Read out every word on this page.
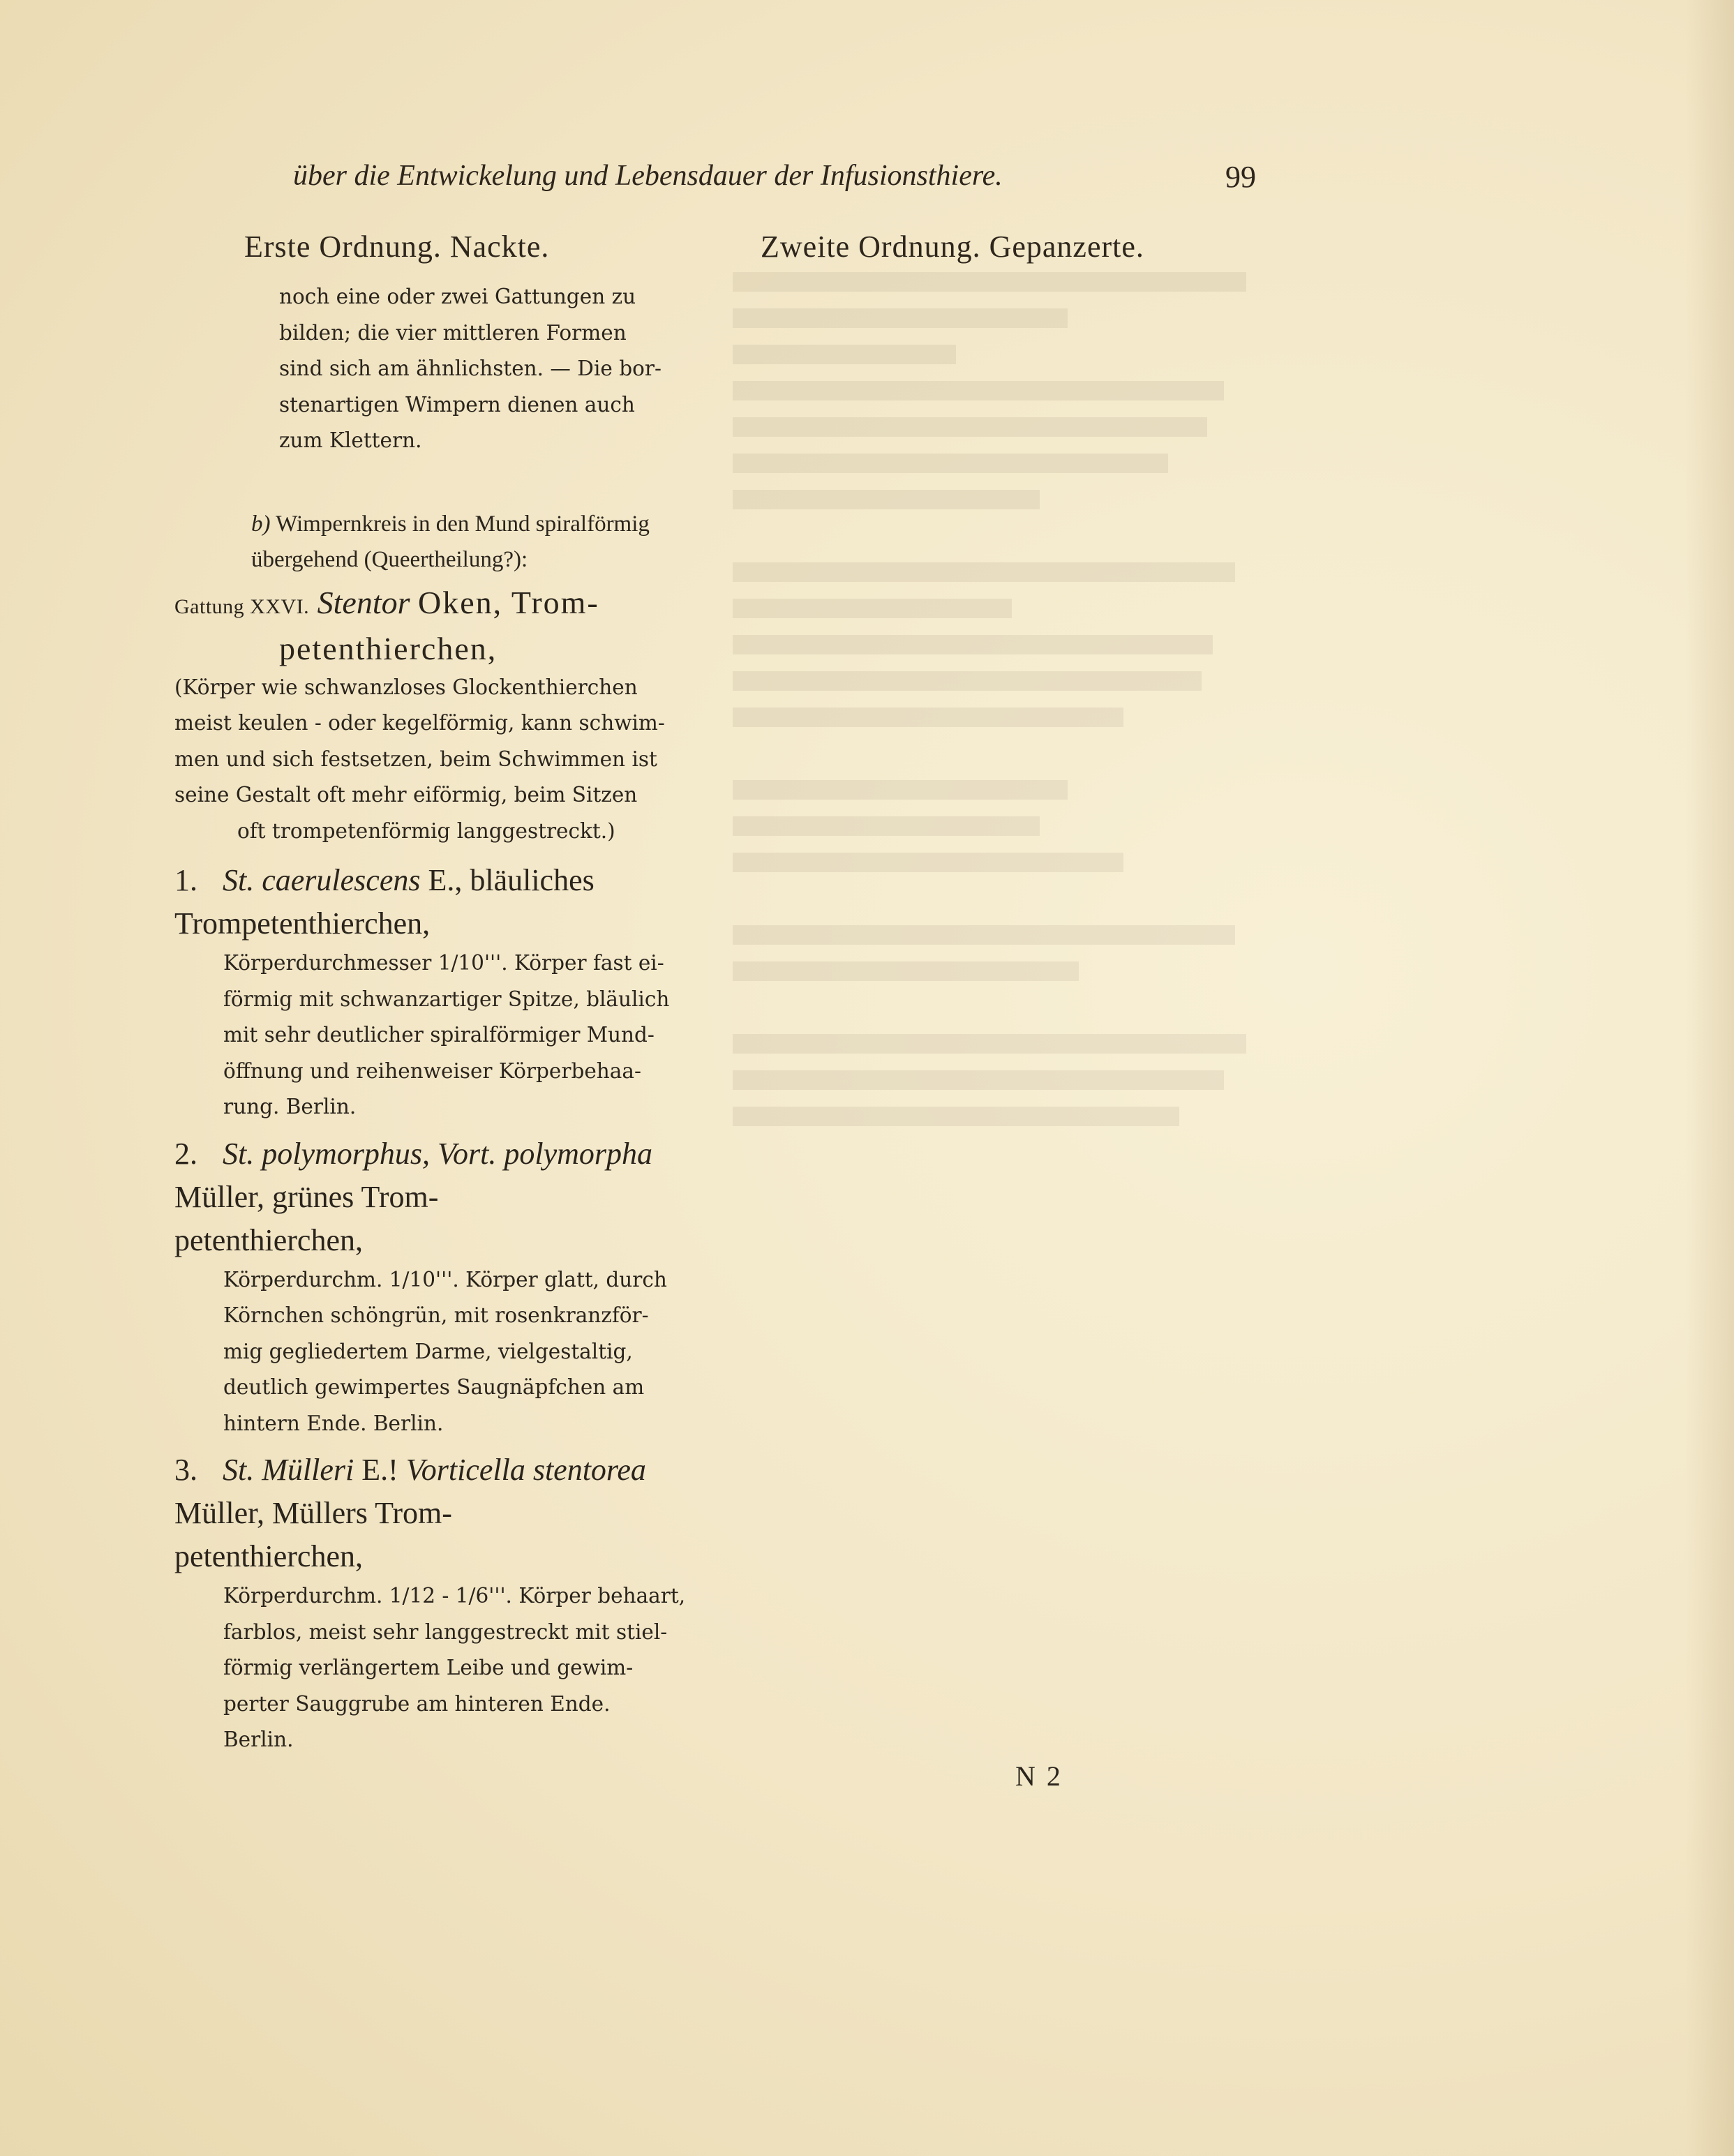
über die Entwickelung und Lebensdauer der Infusionsthiere.	99
Erste Ordnung. Nackte.	Zweite Ordnung. Gepanzerte.

noch eine oder zwei Gattungen zu

bilden; die vier mittleren Formen

sind sich am ähnlichsten. — Die bor-

stenartigen Wimpern dienen auch

zum Klettern.

b) Wimpernkreis in den Mund spiralförmig

übergehend (Queertheilung?):

Gattung XXVI. Stentor Oken, Trom-

petenthierchen,

(Körper wie schwanzloses Glockenthierchen

meist keulen - oder kegelförmig, kann schwim-

men und sich festsetzen, beim Schwimmen ist

seine Gestalt oft mehr eiförmig, beim Sitzen

oft trompetenförmig langgestreckt.)

1. St. caerulescens E., bläuliches

Trompetenthierchen,

Körperdurchmesser 1/10'''. Körper fast ei-

förmig mit schwanzartiger Spitze, bläulich

mit sehr deutlicher spiralförmiger Mund-

öffnung und reihenweiser Körperbehaa-

rung. Berlin.

2. St. polymorphus, Vort. polymorpha

Müller, grünes Trom-

petenthierchen,

Körperdurchm. 1/10'''. Körper glatt, durch

Körnchen schöngrün, mit rosenkranzför-

mig gegliedertem Darme, vielgestaltig,

deutlich gewimpertes Saugnäpfchen am

hintern Ende. Berlin.

3. St. Mülleri E.! Vorticella stentorea

Müller, Müllers Trom-

petenthierchen,

Körperdurchm. 1/12 - 1/6'''. Körper behaart,

farblos, meist sehr langgestreckt mit stiel-

förmig verlängertem Leibe und gewim-

perter Sauggrube am hinteren Ende.

Berlin.

N 2
